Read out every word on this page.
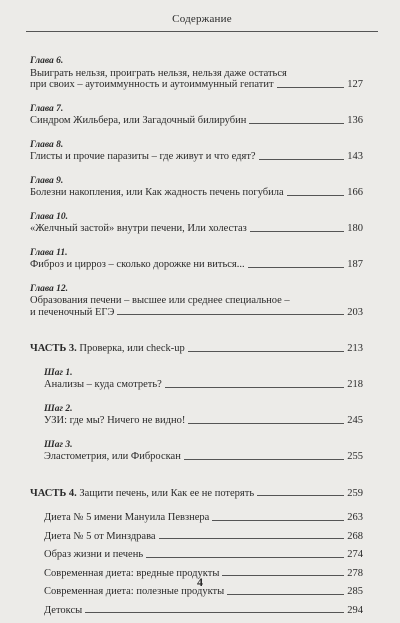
Содержание
Глава 6.
Выиграть нельзя, проиграть нельзя, нельзя даже остаться
при своих – аутоиммунность и аутоиммунный гепатит	127
Глава 7.
Синдром Жильбера, или Загадочный билирубин	136
Глава 8.
Глисты и прочие паразиты – где живут и что едят?	143
Глава 9.
Болезни накопления, или Как жадность печень погубила	166
Глава 10.
«Желчный застой» внутри печени, Или холестаз	180
Глава 11.
Фиброз и цирроз – сколько дорожке ни виться...	187
Глава 12.
Образования печени – высшее или среднее специальное –
и печеночный ЕГЭ	203
ЧАСТЬ 3. Проверка, или check-up	213
Шаг 1.
Анализы – куда смотреть?	218
Шаг 2.
УЗИ: где мы? Ничего не видно!	245
Шаг 3.
Эластометрия, или Фиброскан	255
ЧАСТЬ 4. Защити печень, или Как ее не потерять	259
Диета № 5 имени Мануила Певзнера	263
Диета № 5 от Минздрава	268
Образ жизни и печень	274
Современная диета: вредные продукты	278
Современная диета: полезные продукты	285
Детоксы	294
4
